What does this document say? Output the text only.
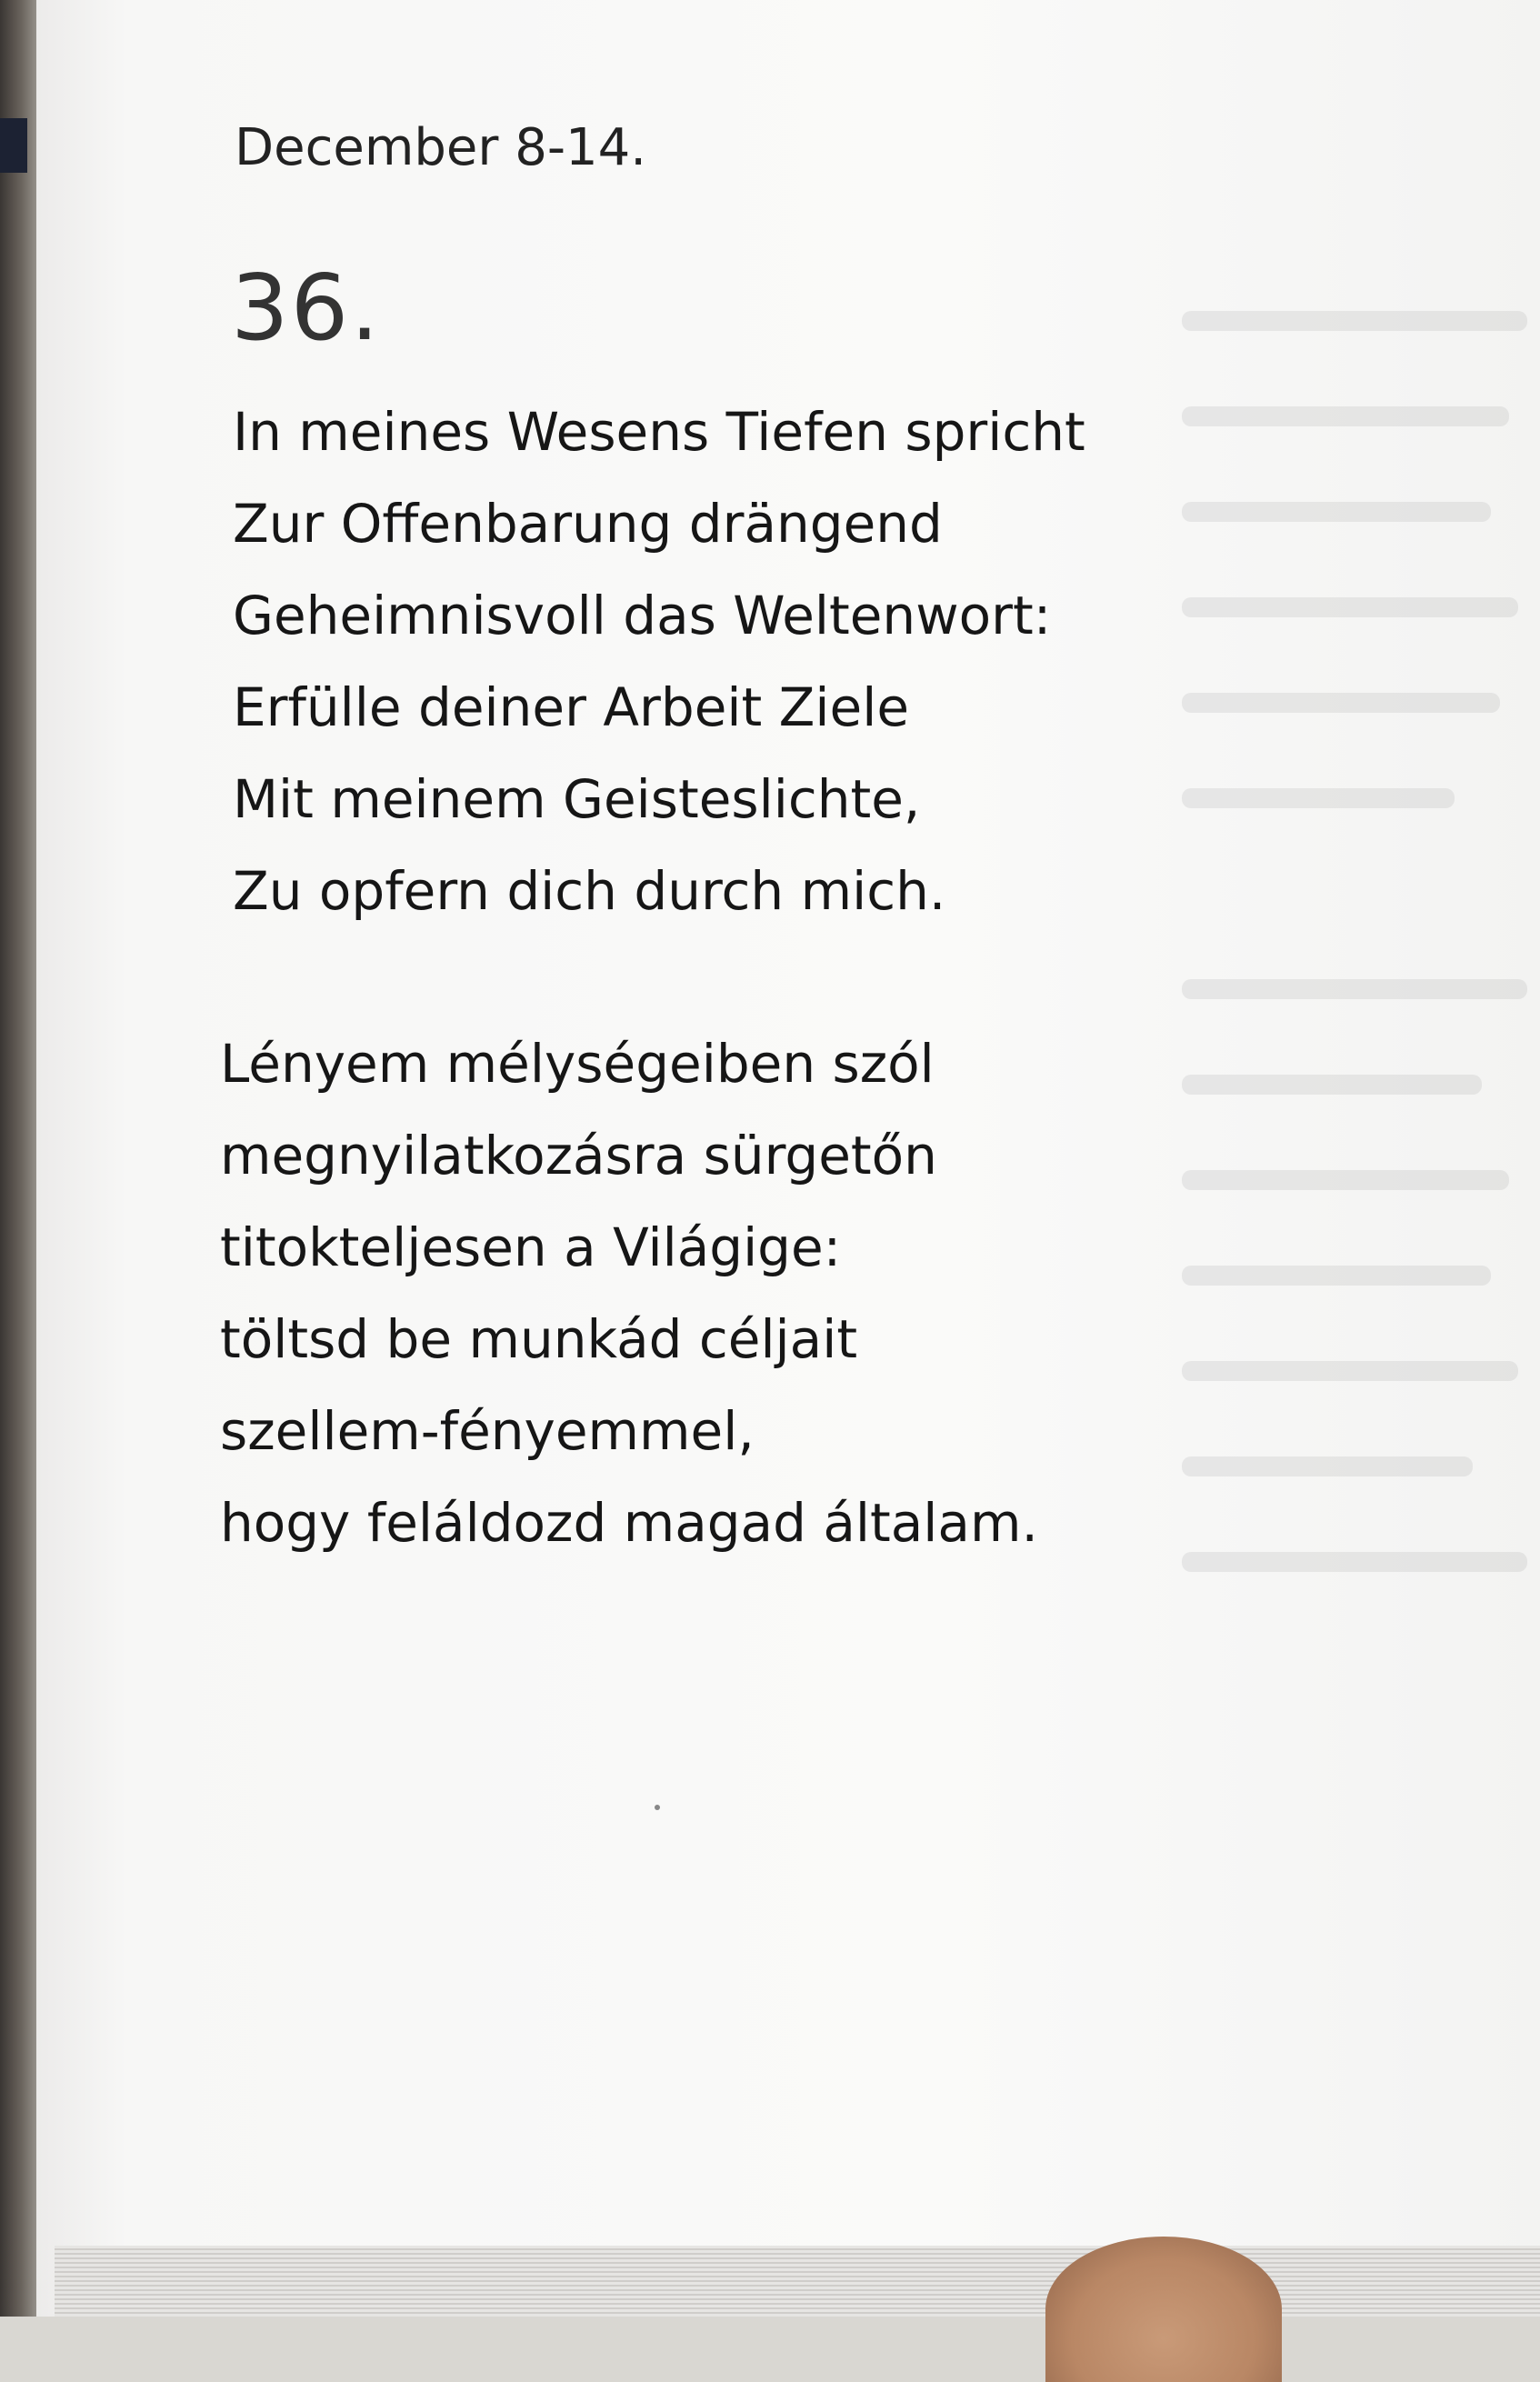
December 8-14.
36.
In meines Wesens Tiefen spricht
Zur Offenbarung drängend
Geheimnisvoll das Weltenwort:
Erfülle deiner Arbeit Ziele
Mit meinem Geisteslichte,
Zu opfern dich durch mich.
Lényem mélységeiben szól
megnyilatkozásra sürgetőn
titokteljesen a Világige:
töltsd be munkád céljait
szellem-fényemmel,
hogy feláldozd magad általam.
